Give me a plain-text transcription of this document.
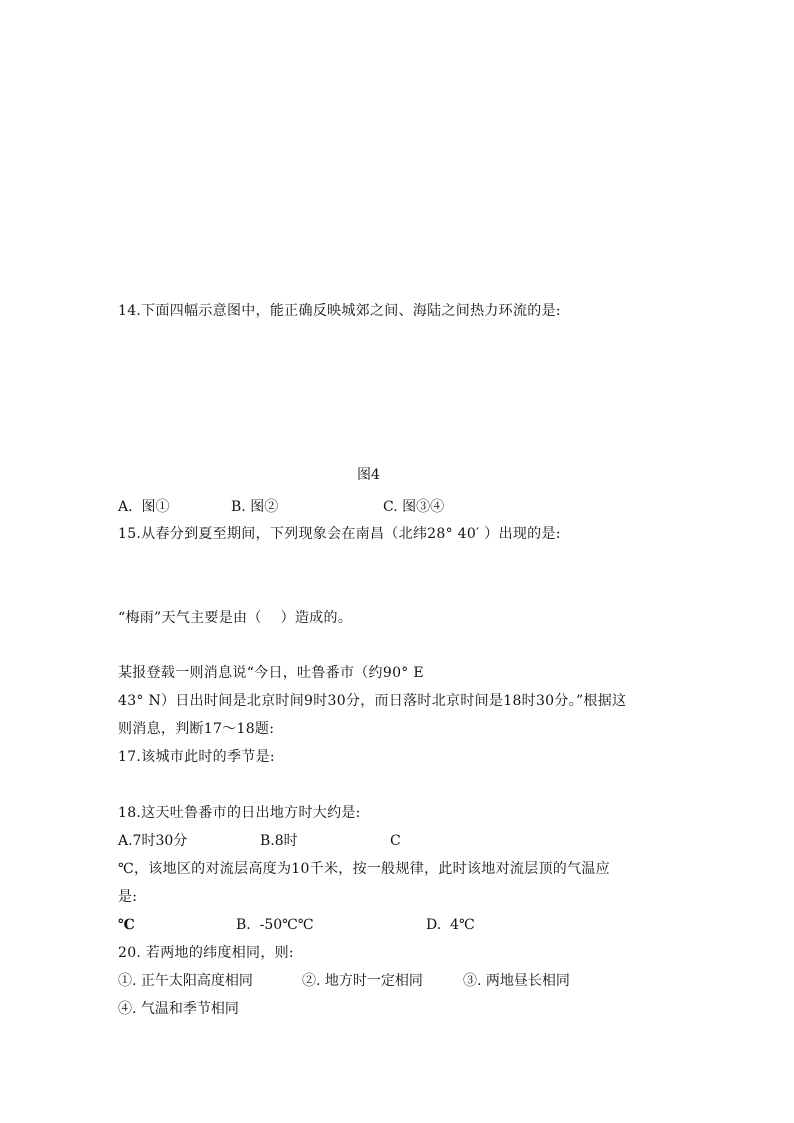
14.下面四幅示意图中，能正确反映城郊之间、海陆之间热力环流的是:
图4
A.  图①	B. 图②	C. 图③④
15.从春分到夏至期间，下列现象会在南昌（北纬28° 40′ ）出现的是:
“梅雨”天气主要是由（    ）造成的。
某报登载一则消息说“今日，吐鲁番市（约90° E
43° N）日出时间是北京时间9时30分，而日落时北京时间是18时30分。”根据这
则消息，判断17～18题:
17.该城市此时的季节是:
18.这天吐鲁番市的日出地方时大约是:
A.7时30分	B.8时	C
℃，该地区的对流层高度为10千米，按一般规律，此时该地对流层顶的气温应
是:
℃	B.  -50℃℃	D.  4℃
20. 若两地的纬度相同，则:
①. 正午太阳高度相同	②. 地方时一定相同	③. 两地昼长相同
④. 气温和季节相同
